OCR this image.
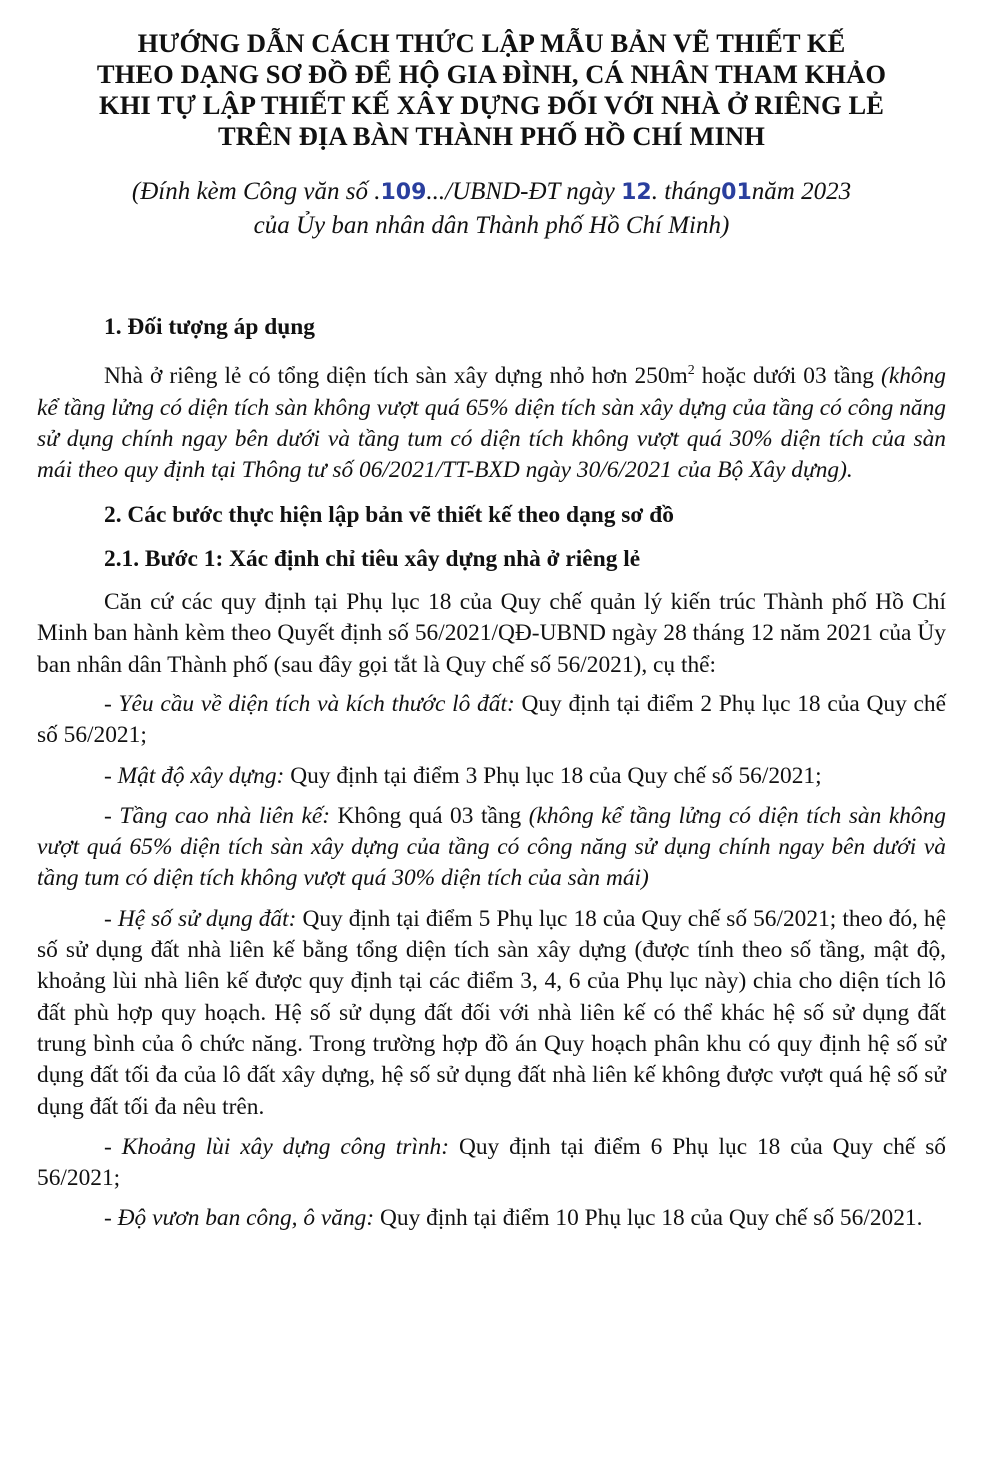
HƯỚNG DẪN CÁCH THỨC LẬP MẪU BẢN VẼ THIẾT KẾ
THEO DẠNG SƠ ĐỒ ĐỂ HỘ GIA ĐÌNH, CÁ NHÂN THAM KHẢO
KHI TỰ LẬP THIẾT KẾ XÂY DỰNG ĐỐI VỚI NHÀ Ở RIÊNG LẺ
TRÊN ĐỊA BÀN THÀNH PHỐ HỒ CHÍ MINH
(Đính kèm Công văn số .109.../UBND-ĐT ngày 12. tháng01năm 2023
của Ủy ban nhân dân Thành phố Hồ Chí Minh)

1. Đối tượng áp dụng

Nhà ở riêng lẻ có tổng diện tích sàn xây dựng nhỏ hơn $250m^2$ hoặc dưới 03 tầng (không kể tầng lửng có diện tích sàn không vượt quá 65% diện tích sàn xây dựng của tầng có công năng sử dụng chính ngay bên dưới và tầng tum có diện tích không vượt quá 30% diện tích của sàn mái theo quy định tại Thông tư số 06/2021/TT-BXD ngày 30/6/2021 của Bộ Xây dựng).

2. Các bước thực hiện lập bản vẽ thiết kế theo dạng sơ đồ

2.1. Bước 1: Xác định chỉ tiêu xây dựng nhà ở riêng lẻ

Căn cứ các quy định tại Phụ lục 18 của Quy chế quản lý kiến trúc Thành phố Hồ Chí Minh ban hành kèm theo Quyết định số 56/2021/QĐ-UBND ngày 28 tháng 12 năm 2021 của Ủy ban nhân dân Thành phố (sau đây gọi tắt là Quy chế số 56/2021), cụ thể:

- Yêu cầu về diện tích và kích thước lô đất: Quy định tại điểm 2 Phụ lục 18 của Quy chế số 56/2021;

- Mật độ xây dựng: Quy định tại điểm 3 Phụ lục 18 của Quy chế số 56/2021;

- Tầng cao nhà liên kế: Không quá 03 tầng (không kể tầng lửng có diện tích sàn không vượt quá 65% diện tích sàn xây dựng của tầng có công năng sử dụng chính ngay bên dưới và tầng tum có diện tích không vượt quá 30% diện tích của sàn mái)

- Hệ số sử dụng đất: Quy định tại điểm 5 Phụ lục 18 của Quy chế số 56/2021; theo đó, hệ số sử dụng đất nhà liên kế bằng tổng diện tích sàn xây dựng (được tính theo số tầng, mật độ, khoảng lùi nhà liên kế được quy định tại các điểm 3, 4, 6 của Phụ lục này) chia cho diện tích lô đất phù hợp quy hoạch. Hệ số sử dụng đất đối với nhà liên kế có thể khác hệ số sử dụng đất trung bình của ô chức năng. Trong trường hợp đồ án Quy hoạch phân khu có quy định hệ số sử dụng đất tối đa của lô đất xây dựng, hệ số sử dụng đất nhà liên kế không được vượt quá hệ số sử dụng đất tối đa nêu trên.

- Khoảng lùi xây dựng công trình: Quy định tại điểm 6 Phụ lục 18 của Quy chế số 56/2021;

- Độ vươn ban công, ô văng: Quy định tại điểm 10 Phụ lục 18 của Quy chế số 56/2021.
